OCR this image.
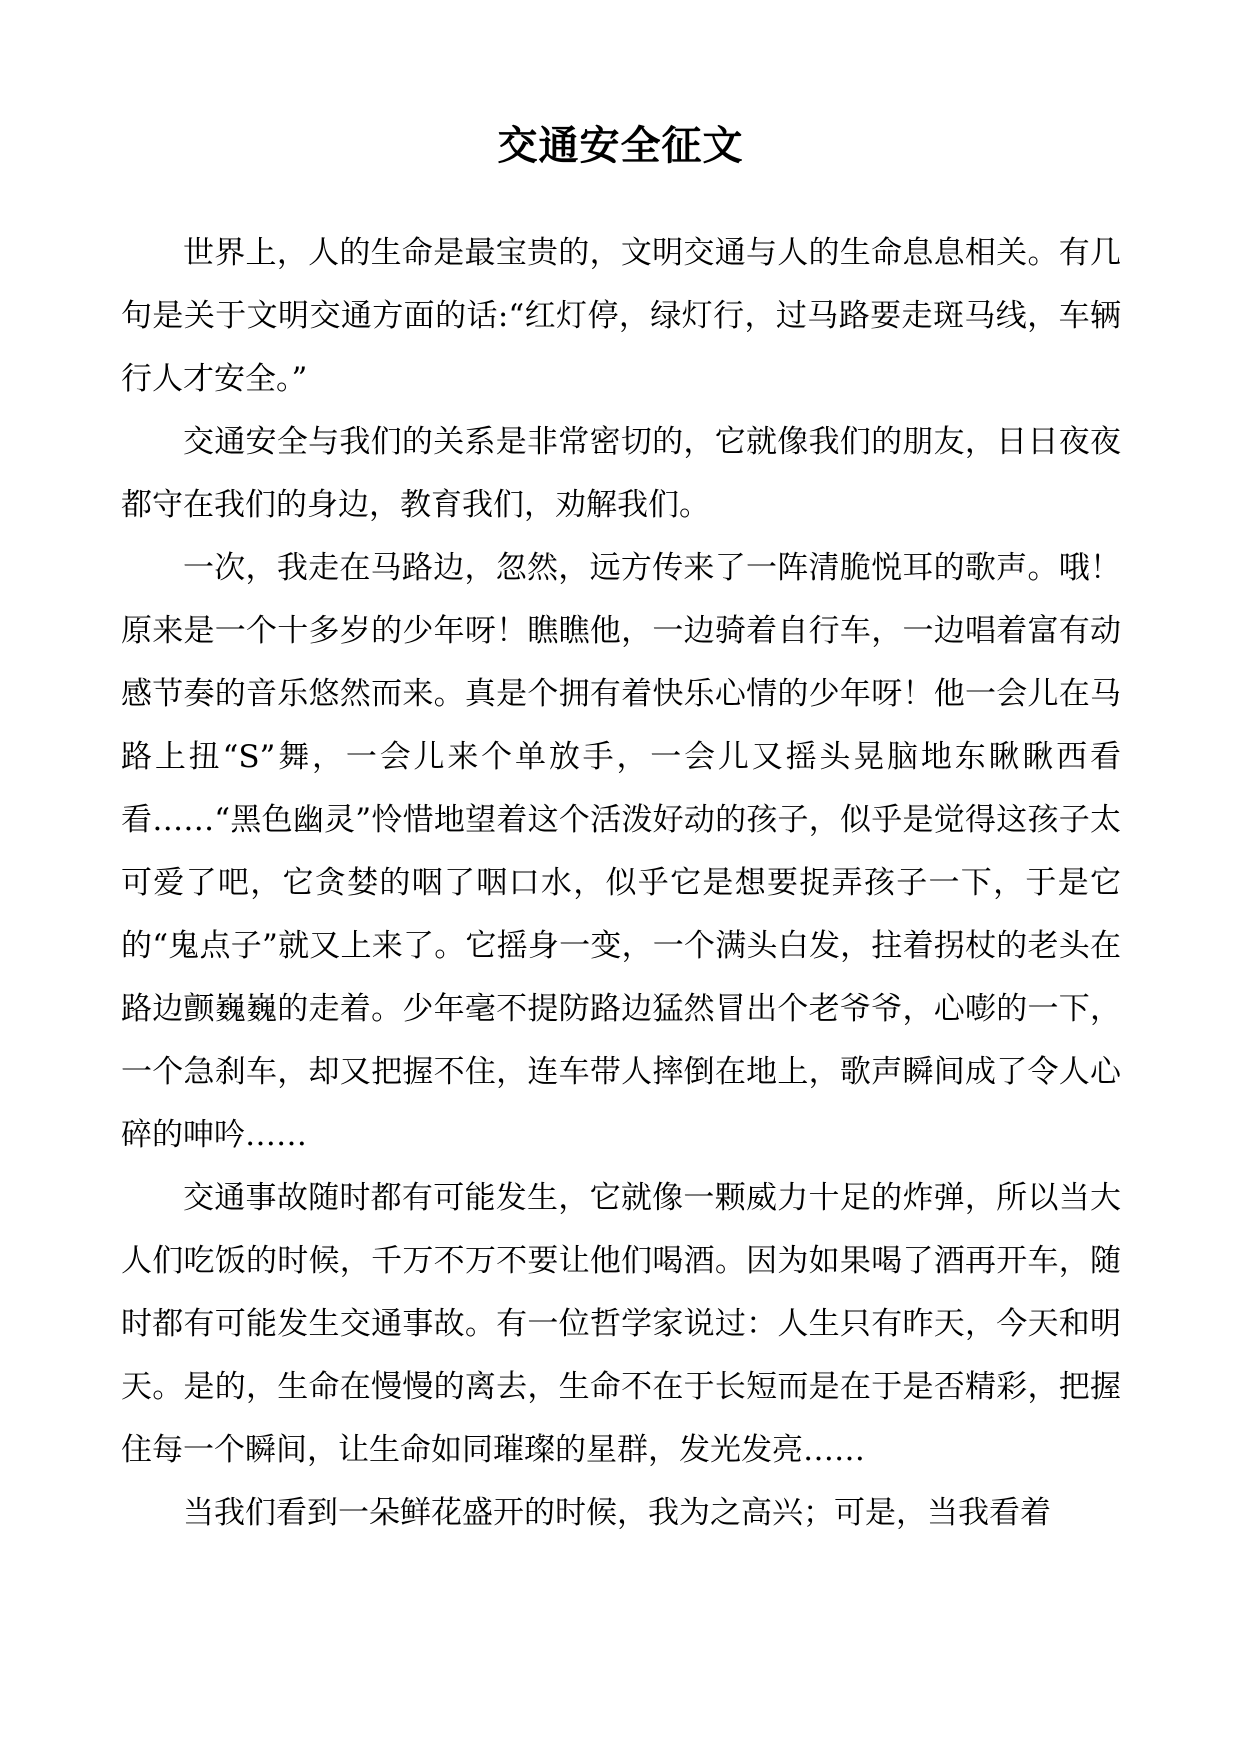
交通安全征文

世界上，人的生命是最宝贵的，文明交通与人的生命息息相关。有几句是关于文明交通方面的话:“红灯停，绿灯行，过马路要走斑马线，车辆行人才安全。”

交通安全与我们的关系是非常密切的，它就像我们的朋友，日日夜夜都守在我们的身边，教育我们，劝解我们。

一次，我走在马路边，忽然，远方传来了一阵清脆悦耳的歌声。哦！原来是一个十多岁的少年呀！瞧瞧他，一边骑着自行车，一边唱着富有动感节奏的音乐悠然而来。真是个拥有着快乐心情的少年呀！他一会儿在马路上扭“S”舞，一会儿来个单放手，一会儿又摇头晃脑地东瞅瞅西看看……“黑色幽灵”怜惜地望着这个活泼好动的孩子，似乎是觉得这孩子太可爱了吧，它贪婪的咽了咽口水，似乎它是想要捉弄孩子一下，于是它的“鬼点子”就又上来了。它摇身一变，一个满头白发，拄着拐杖的老头在路边颤巍巍的走着。少年毫不提防路边猛然冒出个老爷爷，心嘭的一下，一个急刹车，却又把握不住，连车带人摔倒在地上，歌声瞬间成了令人心碎的呻吟……

交通事故随时都有可能发生，它就像一颗威力十足的炸弹，所以当大人们吃饭的时候，千万不万不要让他们喝酒。因为如果喝了酒再开车，随时都有可能发生交通事故。有一位哲学家说过：人生只有昨天，今天和明天。是的，生命在慢慢的离去，生命不在于长短而是在于是否精彩，把握住每一个瞬间，让生命如同璀璨的星群，发光发亮……

当我们看到一朵鲜花盛开的时候，我为之高兴；可是，当我看着
